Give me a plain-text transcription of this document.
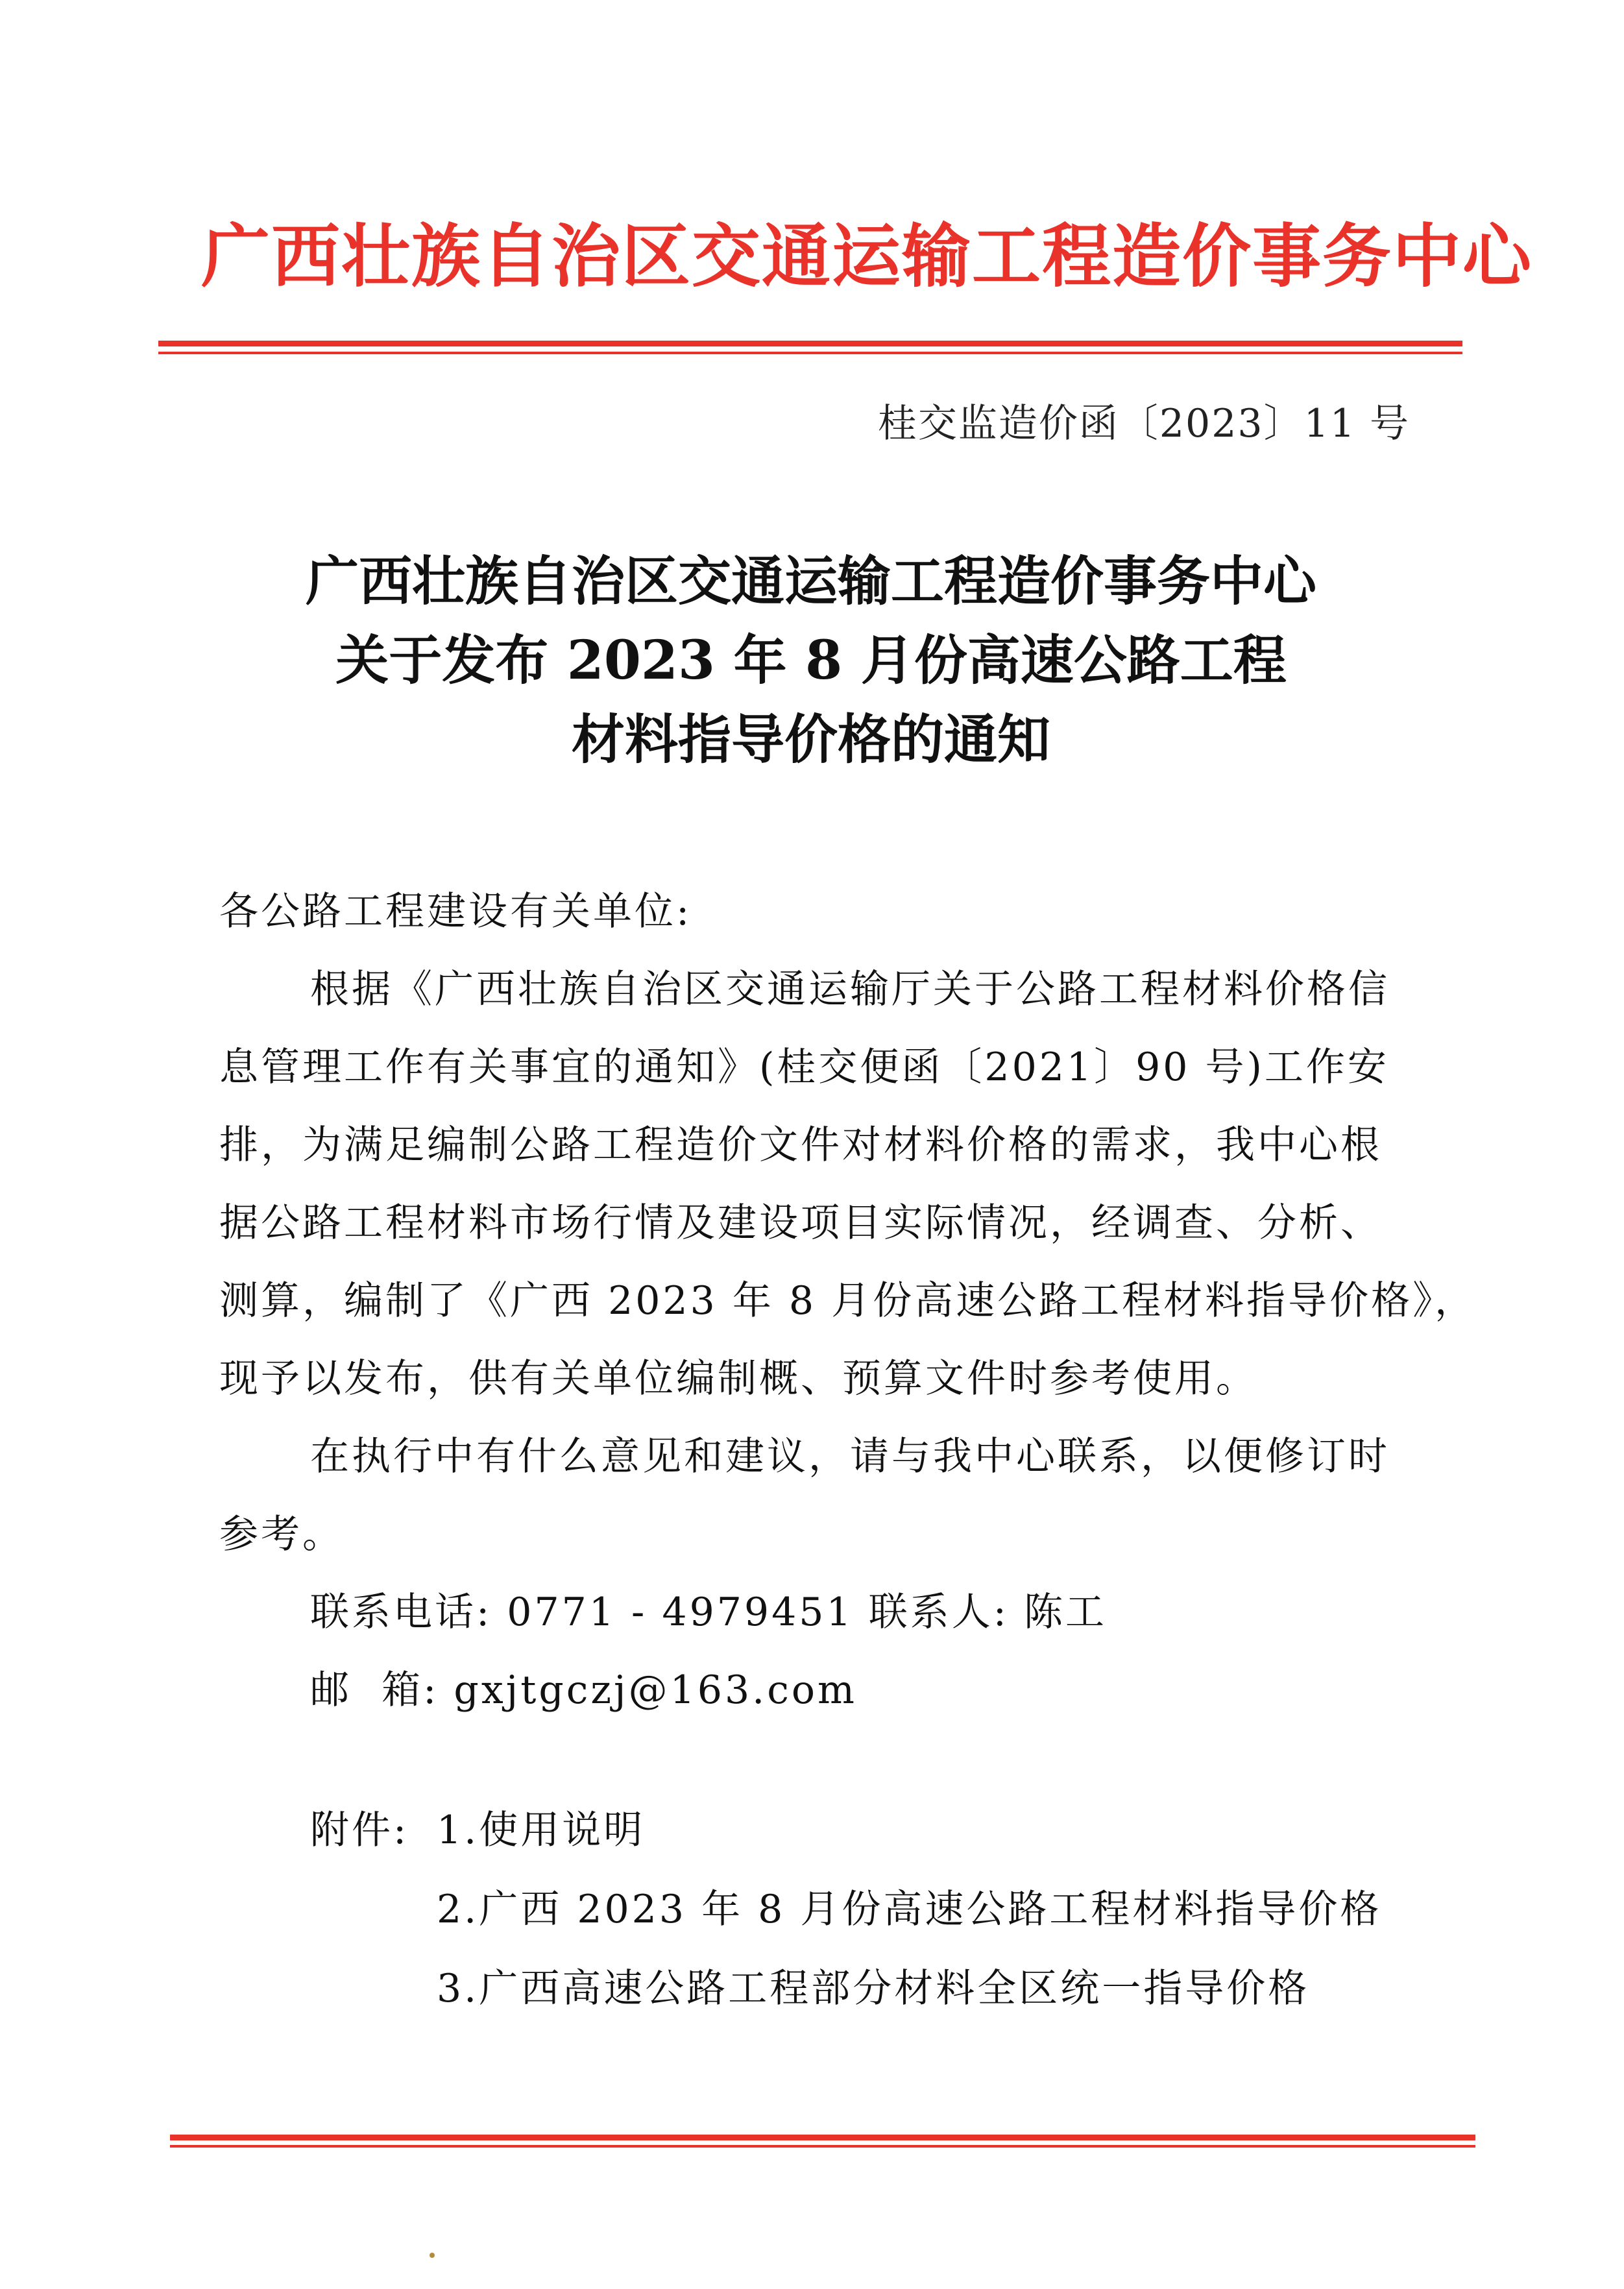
广西壮族自治区交通运输工程造价事务中心
桂交监造价函〔2023〕11 号
广西壮族自治区交通运输工程造价事务中心
关于发布 2023 年 8 月份高速公路工程
材料指导价格的通知

各公路工程建设有关单位:

根据《广西壮族自治区交通运输厅关于公路工程材料价格信

息管理工作有关事宜的通知》(桂交便函〔2021〕90 号)工作安

排，为满足编制公路工程造价文件对材料价格的需求，我中心根

据公路工程材料市场行情及建设项目实际情况，经调查、分析、

测算，编制了《广西 2023 年 8 月份高速公路工程材料指导价格》，

现予以发布，供有关单位编制概、预算文件时参考使用。

在执行中有什么意见和建议，请与我中心联系，以便修订时

参考。

联系电话: 0771 - 4979451 联系人: 陈工

邮  箱: gxjtgczj@163.com

附件: 1.使用说明
2.广西 2023 年 8 月份高速公路工程材料指导价格
3.广西高速公路工程部分材料全区统一指导价格
